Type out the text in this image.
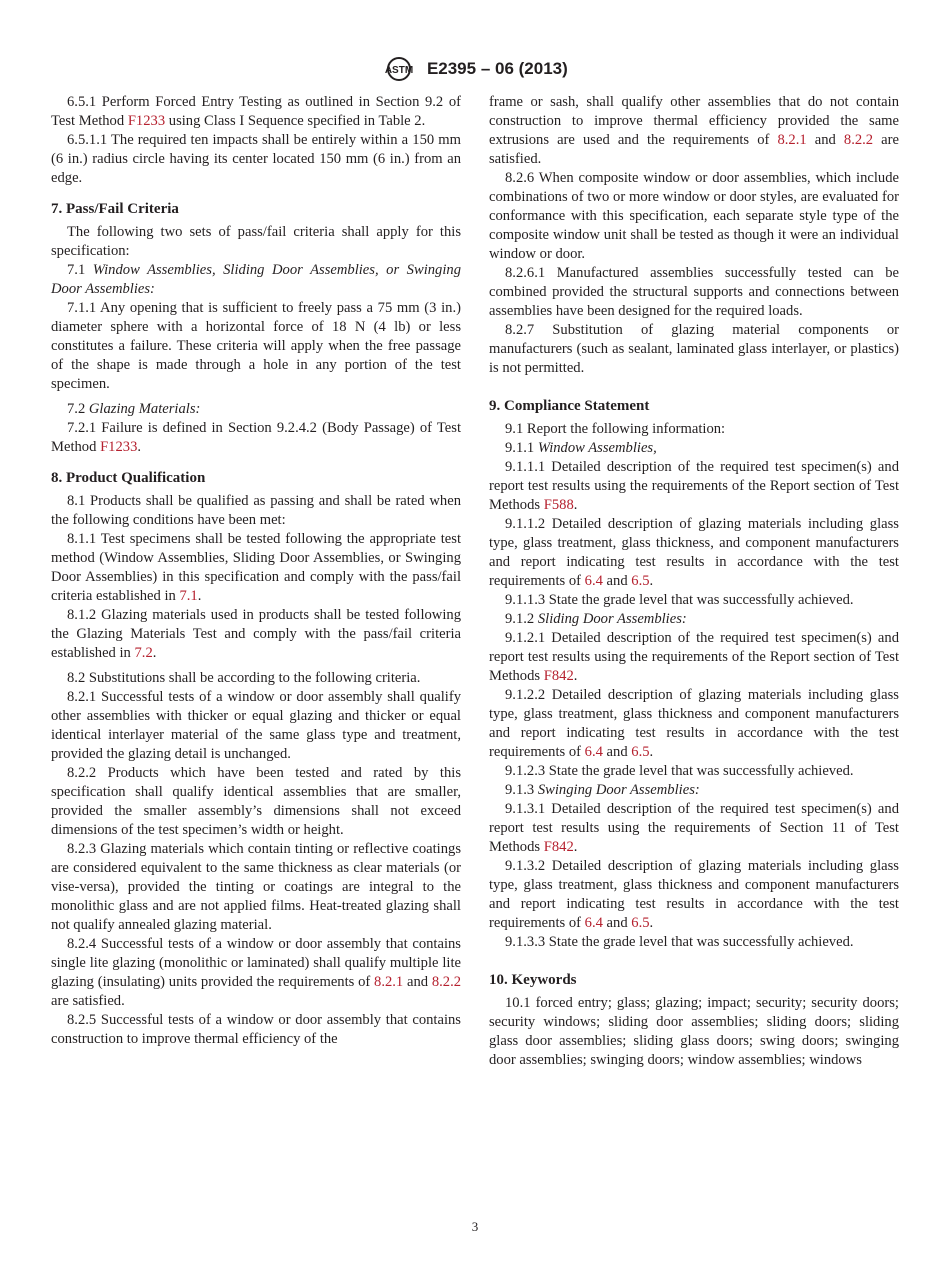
ASTM E2395 – 06 (2013)

6.5.1 Perform Forced Entry Testing as outlined in Section 9.2 of Test Method F1233 using Class I Sequence specified in Table 2.

6.5.1.1 The required ten impacts shall be entirely within a 150 mm (6 in.) radius circle having its center located 150 mm (6 in.) from an edge.

7. Pass/Fail Criteria

The following two sets of pass/fail criteria shall apply for this specification:

7.1 Window Assemblies, Sliding Door Assemblies, or Swinging Door Assemblies:

7.1.1 Any opening that is sufficient to freely pass a 75 mm (3 in.) diameter sphere with a horizontal force of 18 N (4 lb) or less constitutes a failure. These criteria will apply when the free passage of the shape is made through a hole in any portion of the test specimen.

7.2 Glazing Materials:

7.2.1 Failure is defined in Section 9.2.4.2 (Body Passage) of Test Method F1233.

8. Product Qualification

8.1 Products shall be qualified as passing and shall be rated when the following conditions have been met:

8.1.1 Test specimens shall be tested following the appropriate test method (Window Assemblies, Sliding Door Assemblies, or Swinging Door Assemblies) in this specification and comply with the pass/fail criteria established in 7.1.

8.1.2 Glazing materials used in products shall be tested following the Glazing Materials Test and comply with the pass/fail criteria established in 7.2.

8.2 Substitutions shall be according to the following criteria.

8.2.1 Successful tests of a window or door assembly shall qualify other assemblies with thicker or equal glazing and thicker or equal identical interlayer material of the same glass type and treatment, provided the glazing detail is unchanged.

8.2.2 Products which have been tested and rated by this specification shall qualify identical assemblies that are smaller, provided the smaller assembly’s dimensions shall not exceed dimensions of the test specimen’s width or height.

8.2.3 Glazing materials which contain tinting or reflective coatings are considered equivalent to the same thickness as clear materials (or vise-versa), provided the tinting or coatings are integral to the monolithic glass and are not applied films. Heat-treated glazing shall not qualify annealed glazing material.

8.2.4 Successful tests of a window or door assembly that contains single lite glazing (monolithic or laminated) shall qualify multiple lite glazing (insulating) units provided the requirements of 8.2.1 and 8.2.2 are satisfied.

8.2.5 Successful tests of a window or door assembly that contains construction to improve thermal efficiency of the

frame or sash, shall qualify other assemblies that do not contain construction to improve thermal efficiency provided the same extrusions are used and the requirements of 8.2.1 and 8.2.2 are satisfied.

8.2.6 When composite window or door assemblies, which include combinations of two or more window or door styles, are evaluated for conformance with this specification, each separate style type of the composite window unit shall be tested as though it were an individual window or door.

8.2.6.1 Manufactured assemblies successfully tested can be combined provided the structural supports and connections between assemblies have been designed for the required loads.

8.2.7 Substitution of glazing material components or manufacturers (such as sealant, laminated glass interlayer, or plastics) is not permitted.

9. Compliance Statement

9.1 Report the following information:

9.1.1 Window Assemblies,

9.1.1.1 Detailed description of the required test specimen(s) and report test results using the requirements of the Report section of Test Methods F588.

9.1.1.2 Detailed description of glazing materials including glass type, glass treatment, glass thickness, and component manufacturers and report indicating test results in accordance with the test requirements of 6.4 and 6.5.

9.1.1.3 State the grade level that was successfully achieved.

9.1.2 Sliding Door Assemblies:

9.1.2.1 Detailed description of the required test specimen(s) and report test results using the requirements of the Report section of Test Methods F842.

9.1.2.2 Detailed description of glazing materials including glass type, glass treatment, glass thickness and component manufacturers and report indicating test results in accordance with the test requirements of 6.4 and 6.5.

9.1.2.3 State the grade level that was successfully achieved.

9.1.3 Swinging Door Assemblies:

9.1.3.1 Detailed description of the required test specimen(s) and report test results using the requirements of Section 11 of Test Methods F842.

9.1.3.2 Detailed description of glazing materials including glass type, glass treatment, glass thickness and component manufacturers and report indicating test results in accordance with the test requirements of 6.4 and 6.5.

9.1.3.3 State the grade level that was successfully achieved.

10. Keywords

10.1 forced entry; glass; glazing; impact; security; security doors; security windows; sliding door assemblies; sliding doors; sliding glass door assemblies; sliding glass doors; swing doors; swinging door assemblies; swinging doors; window assemblies; windows

3
